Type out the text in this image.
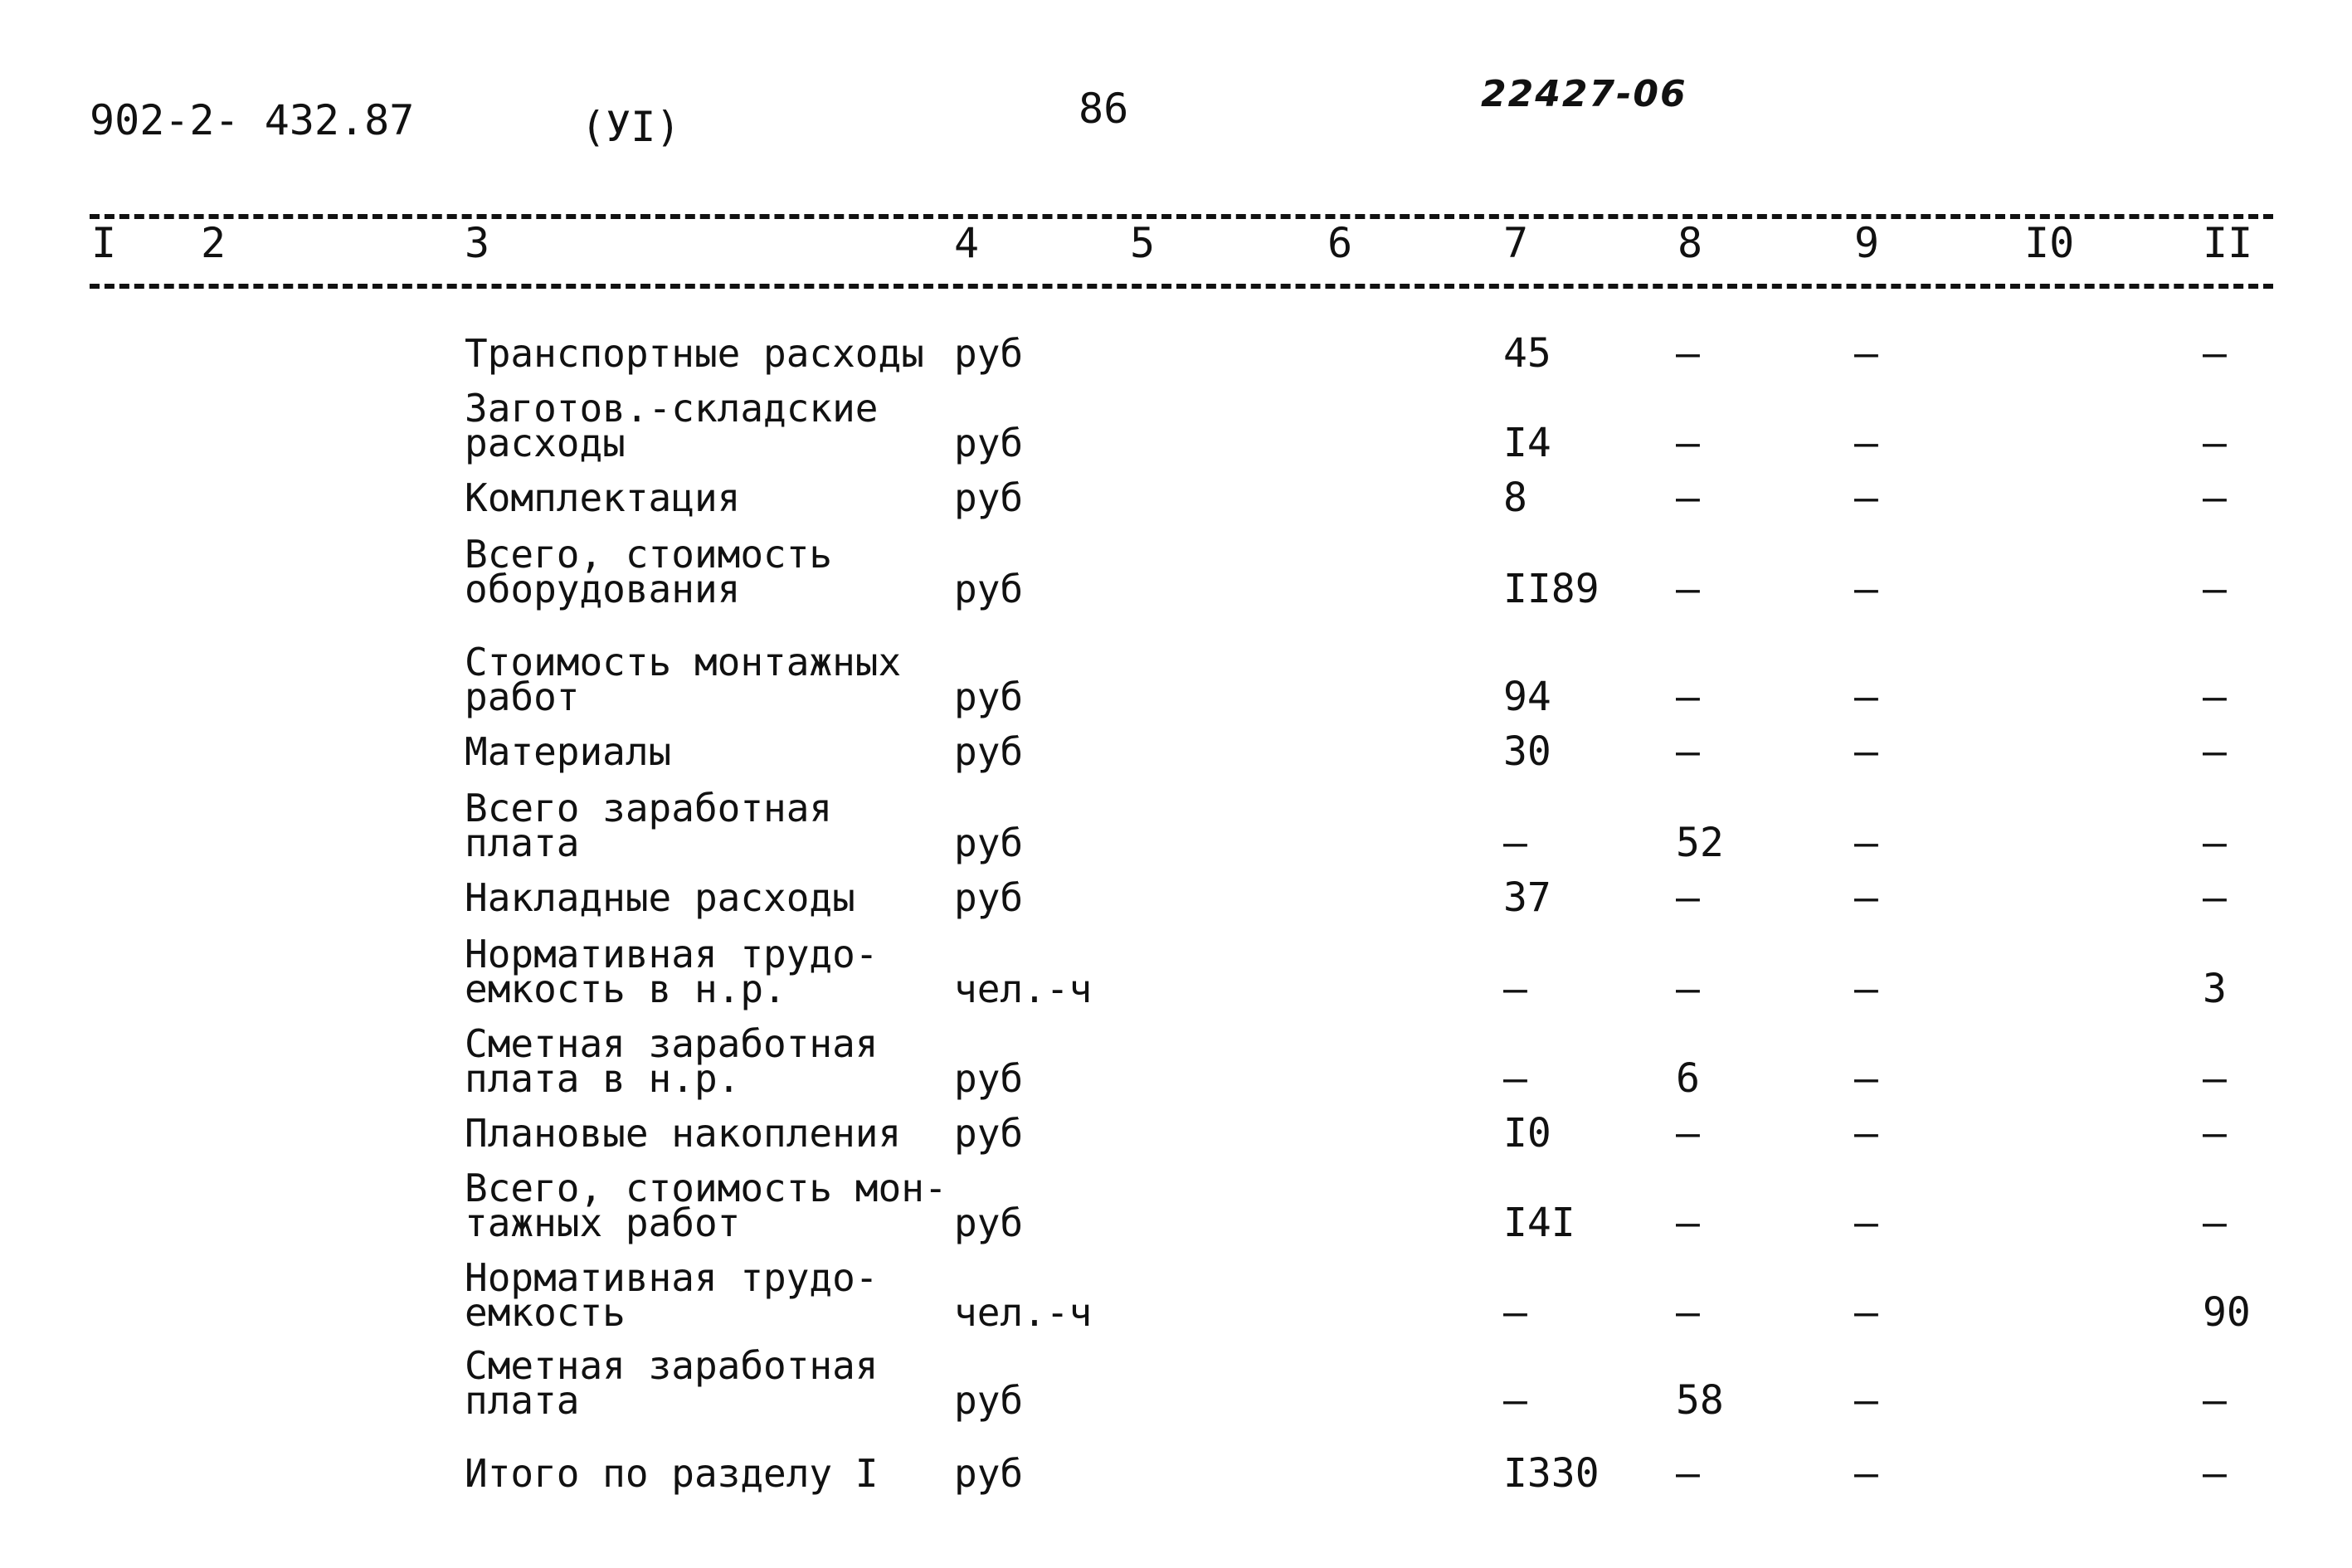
902-2- 432.87	(УI)	86	22427-06
I 2	3	4	5	6	7	8	9	I0	II
Транспортные расходы руб	45	–	–	–
Заготов.-складские
расходы	руб	I4	–	–	–
Комплектация	руб	8	–	–	–
Всего, стоимость
оборудования	руб	II89 –	–	–
Стоимость монтажных
работ	руб	94	–	–	–
Материалы	руб	30	–	–	–
Всего заработная
плата	руб	–	52	–	–
Накладные расходы	руб	37	–	–	–
Нормативная трудо-
емкость в н.р.	чел.-ч	–	–	–	3
Сметная заработная
плата в н.р.	руб	–	6	–	–
Плановые накопления руб	I0	–	–	–
Всего, стоимость мон-
тажных работ	руб	I4I	–	–	–
Нормативная трудо-
емкость	чел.-ч	–	–	–	90
Сметная заработная
плата	руб	–	58	–	–
Итого по разделу I руб	I330 –	–	–
